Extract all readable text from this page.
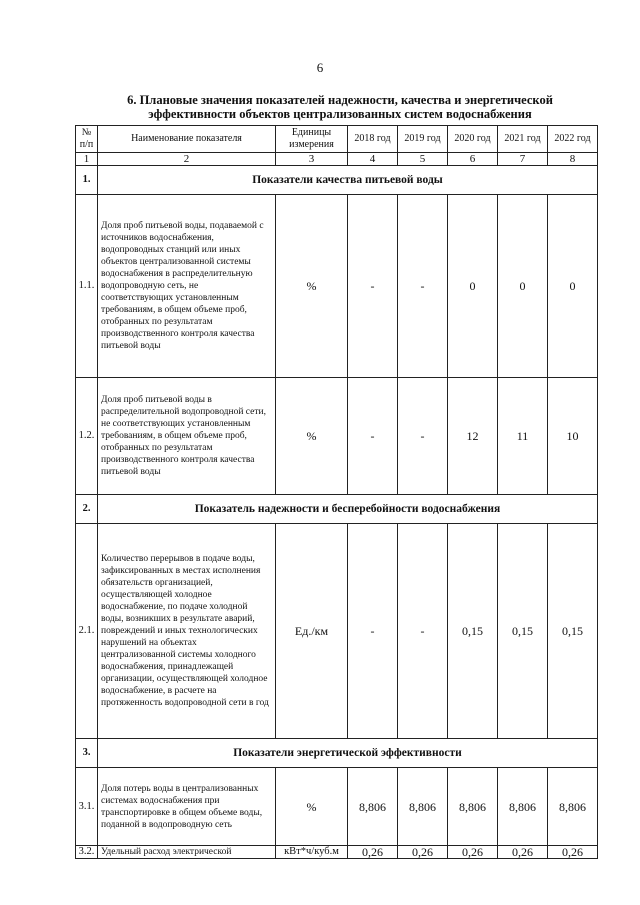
6
6. Плановые значения показателей надежности, качества и энергетической
эффективности объектов централизованных систем водоснабжения
№ п/п	Наименование показателя	Единицы измерения	2018 год	2019 год	2020 год	2021 год	2022 год
1	2	3	4	5	6	7	8
1.	Показатели качества питьевой воды						
1.1.	Доля проб питьевой воды, подаваемой с источников водоснабжения, водопроводных станций или иных объектов централизованной системы водоснабжения в распределительную водопроводную сеть, не соответствующих установленным требованиям, в общем объеме проб, отобранных по результатам производственного контроля качества питьевой воды	%	-	-	0	0	0
1.2.	Доля проб питьевой воды в распределительной водопроводной сети, не соответствующих установленным требованиям, в общем объеме проб, отобранных по результатам производственного контроля качества питьевой воды	%	-	-	12	11	10
2.	Показатель надежности и бесперебойности водоснабжения						
2.1.	Количество перерывов в подаче воды, зафиксированных в местах исполнения обязательств организацией, осуществляющей холодное водоснабжение, по подаче холодной воды, возникших в результате аварий, повреждений и иных технологических нарушений на объектах централизованной системы холодного водоснабжения, принадлежащей организации, осуществляющей холодное водоснабжение, в расчете на протяженность водопроводной сети в год	Ед./км	-	-	0,15	0,15	0,15
3.	Показатели энергетической эффективности						
3.1.	Доля потерь воды в централизованных системах водоснабжения при транспортировке в общем объеме воды, поданной в водопроводную сеть	%	8,806	8,806	8,806	8,806	8,806
3.2.	Удельный расход электрической	кВт*ч/куб.м	0,26	0,26	0,26	0,26	0,26
